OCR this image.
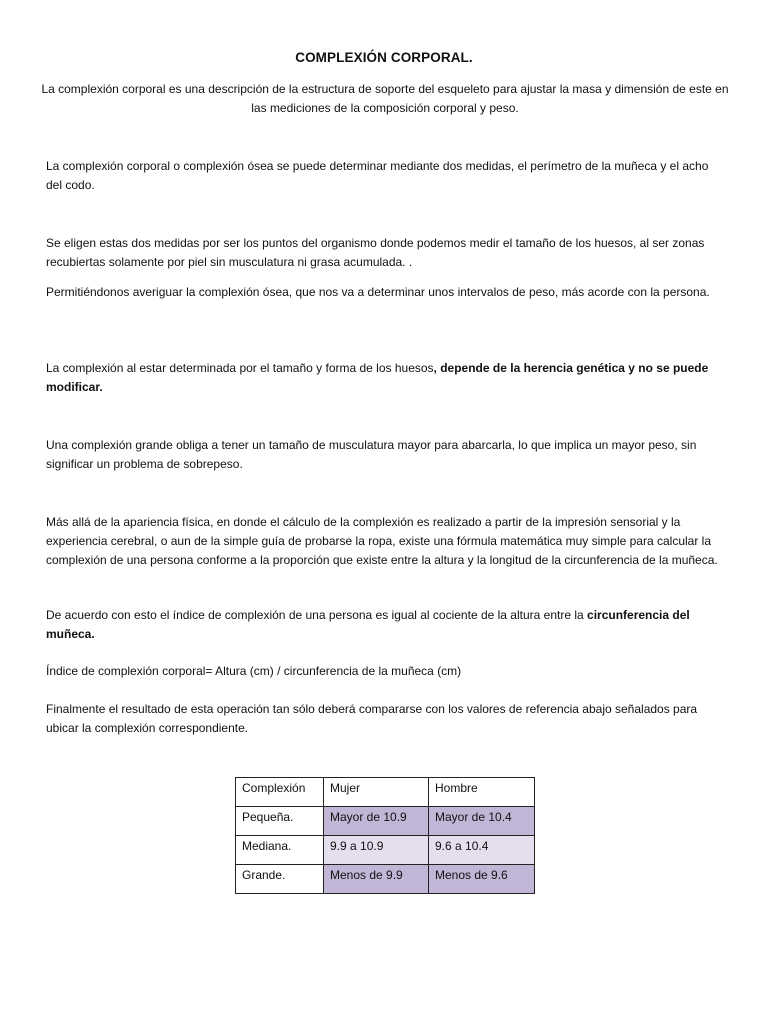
COMPLEXIÓN CORPORAL.
La complexión corporal es una descripción de la estructura de soporte del esqueleto para ajustar la masa y dimensión de este en las mediciones de la composición corporal y peso.
La complexión corporal o complexión ósea se puede determinar mediante dos medidas, el perímetro de la muñeca y el acho del codo.
Se eligen estas dos medidas por ser los puntos del organismo donde podemos medir el tamaño de los huesos, al ser zonas recubiertas solamente por piel sin musculatura ni grasa acumulada. .
Permitiéndonos averiguar la complexión ósea, que nos va a determinar unos intervalos de peso, más acorde con la persona.
La complexión al estar determinada por el tamaño y forma de los huesos, depende de la herencia genética y no se puede modificar.
Una complexión grande obliga a tener un tamaño de musculatura mayor para abarcarla, lo que implica un mayor peso, sin significar un problema de sobrepeso.
Más allá de la apariencia física, en donde el cálculo de la complexión es realizado a partir de la impresión sensorial y la experiencia cerebral, o aun de la simple guía de probarse la ropa, existe una fórmula matemática muy simple para calcular la complexión de una persona conforme a la proporción que existe entre la altura y la longitud de la circunferencia de la muñeca.
De acuerdo con esto el índice de complexión de una persona es igual al cociente de la altura entre la circunferencia del muñeca.
Índice de complexión corporal= Altura (cm) / circunferencia de la muñeca (cm)
Finalmente el resultado de esta operación tan sólo deberá compararse con los valores de referencia abajo señalados para ubicar la complexión correspondiente.
Complexión	Mujer	Hombre
Pequeña.	Mayor de 10.9	Mayor de 10.4
Mediana.	9.9 a 10.9	9.6 a 10.4
Grande.	Menos de 9.9	Menos de 9.6
